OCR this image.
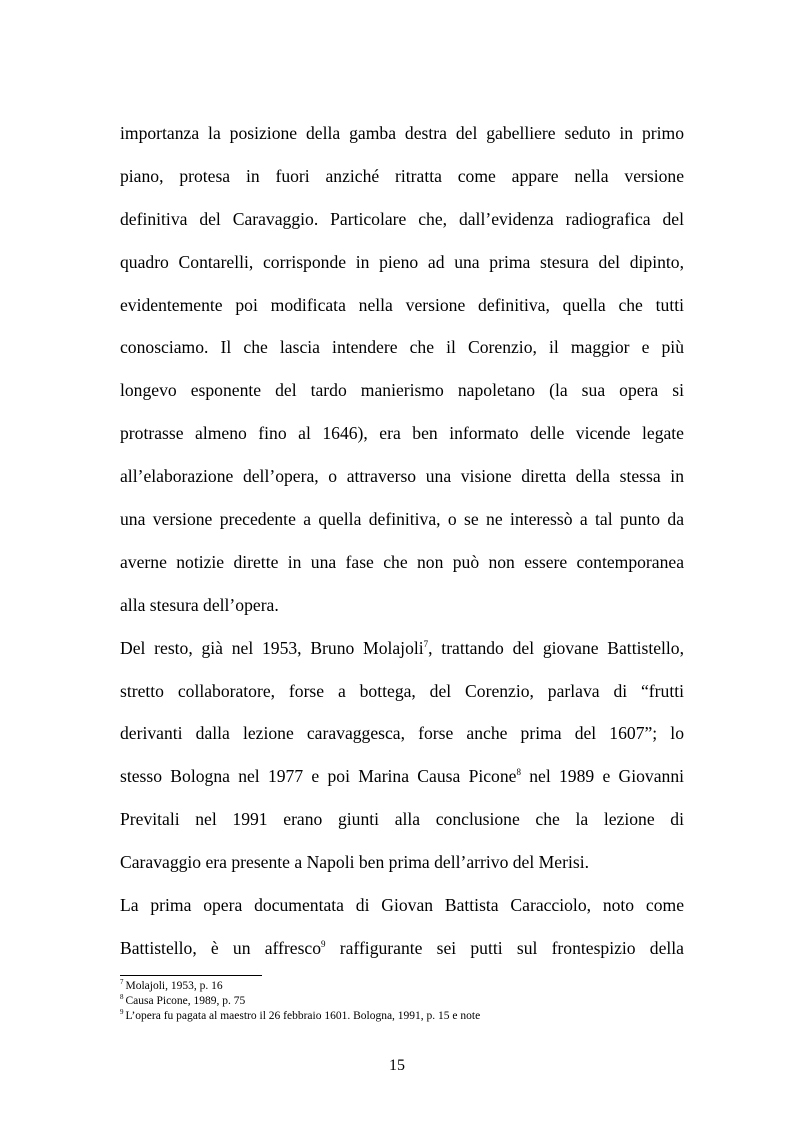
importanza la posizione della gamba destra del gabelliere seduto in primo
piano, protesa in fuori anziché ritratta come appare nella versione
definitiva del Caravaggio. Particolare che, dall’evidenza radiografica del
quadro Contarelli, corrisponde in pieno ad una prima stesura del dipinto,
evidentemente poi modificata nella versione definitiva, quella che tutti
conosciamo. Il che lascia intendere che il Corenzio, il maggior e più
longevo esponente del tardo manierismo napoletano (la sua opera si
protrasse almeno fino al 1646), era ben informato delle vicende legate
all’elaborazione dell’opera, o attraverso una visione diretta della stessa in
una versione precedente a quella definitiva, o se ne interessò a tal punto da
averne notizie dirette in una fase che non può non essere contemporanea
alla stesura dell’opera.
Del resto, già nel 1953, Bruno Molajoli$^7$, trattando del giovane Battistello,
stretto collaboratore, forse a bottega, del Corenzio, parlava di “frutti
derivanti dalla lezione caravaggesca, forse anche prima del 1607”; lo
stesso Bologna nel 1977 e poi Marina Causa Picone$^8$ nel 1989 e Giovanni
Previtali nel 1991 erano giunti alla conclusione che la lezione di
Caravaggio era presente a Napoli ben prima dell’arrivo del Merisi.
La prima opera documentata di Giovan Battista Caracciolo, noto come
Battistello, è un affresco$^9$ raffigurante sei putti sul frontespizio della
$^7$ Molajoli, 1953, p. 16
$^8$ Causa Picone, 1989, p. 75
$^9$ L’opera fu pagata al maestro il 26 febbraio 1601. Bologna, 1991, p. 15 e note
15
